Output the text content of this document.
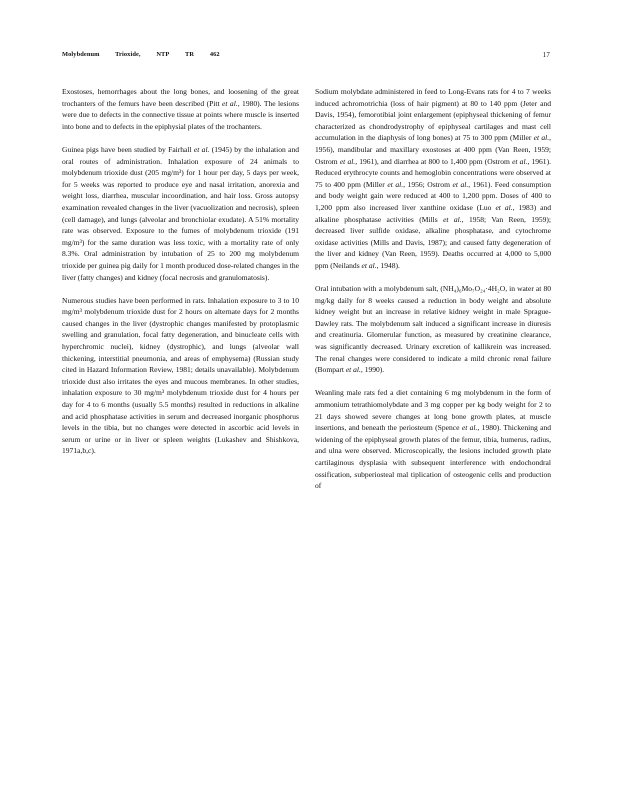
Molybdenum Trioxide, NTP TR 462	17

Exostoses, hemorrhages about the long bones, and loosening of the great trochanters of the femurs have been described (Pitt et al., 1980). The lesions were due to defects in the connective tissue at points where muscle is inserted into bone and to defects in the epiphysial plates of the trochanters.

Guinea pigs have been studied by Fairhall et al. (1945) by the inhalation and oral routes of administration. Inhalation exposure of 24 animals to molybdenum trioxide dust (205 mg/m³) for 1 hour per day, 5 days per week, for 5 weeks was reported to produce eye and nasal irritation, anorexia and weight loss, diarrhea, muscular incoordination, and hair loss. Gross autopsy examination revealed changes in the liver (vacuolization and necrosis), spleen (cell damage), and lungs (alveolar and bronchiolar exudate). A 51% mortality rate was observed. Exposure to the fumes of molybdenum trioxide (191 mg/m³) for the same duration was less toxic, with a mortality rate of only 8.3%. Oral administration by intubation of 25 to 200 mg molybdenum trioxide per guinea pig daily for 1 month produced dose-related changes in the liver (fatty changes) and kidney (focal necrosis and granulomatosis).

Numerous studies have been performed in rats. Inhalation exposure to 3 to 10 mg/m³ molybdenum trioxide dust for 2 hours on alternate days for 2 months caused changes in the liver (dystrophic changes manifested by protoplasmic swelling and granulation, focal fatty degeneration, and binucleate cells with hyperchromic nuclei), kidney (dystrophic), and lungs (alveolar wall thickening, interstitial pneumonia, and areas of emphysema) (Russian study cited in Hazard Information Review, 1981; details unavailable). Molybdenum trioxide dust also irritates the eyes and mucous membranes. In other studies, inhalation exposure to 30 mg/m³ molybdenum trioxide dust for 4 hours per day for 4 to 6 months (usually 5.5 months) resulted in reductions in alkaline and acid phosphatase activities in serum and decreased inorganic phosphorus levels in the tibia, but no changes were detected in ascorbic acid levels in serum or urine or in liver or spleen weights (Lukashev and Shishkova, 1971a,b,c).

Sodium molybdate administered in feed to Long-Evans rats for 4 to 7 weeks induced achromotrichia (loss of hair pigment) at 80 to 140 ppm (Jeter and Davis, 1954), femorotibial joint enlargement (epiphyseal thickening of femur characterized as chondrodystrophy of epiphyseal cartilages and mast cell accumulation in the diaphysis of long bones) at 75 to 300 ppm (Miller et al., 1956), mandibular and maxillary exostoses at 400 ppm (Van Reen, 1959; Ostrom et al., 1961), and diarrhea at 800 to 1,400 ppm (Ostrom et al., 1961). Reduced erythrocyte counts and hemoglobin concentrations were observed at 75 to 400 ppm (Miller et al., 1956; Ostrom et al., 1961). Feed consumption and body weight gain were reduced at 400 to 1,200 ppm. Doses of 400 to 1,200 ppm also increased liver xanthine oxidase (Luo et al., 1983) and alkaline phosphatase activities (Mills et al., 1958; Van Reen, 1959); decreased liver sulfide oxidase, alkaline phosphatase, and cytochrome oxidase activities (Mills and Davis, 1987); and caused fatty degeneration of the liver and kidney (Van Reen, 1959). Deaths occurred at 4,000 to 5,000 ppm (Neilands et al., 1948).

Oral intubation with a molybdenum salt, (NH₄)₆Mo₇O₂₄·4H₂O, in water at 80 mg/kg daily for 8 weeks caused a reduction in body weight and absolute kidney weight but an increase in relative kidney weight in male Sprague-Dawley rats. The molybdenum salt induced a significant increase in diuresis and creatinuria. Glomerular function, as measured by creatinine clearance, was significantly decreased. Urinary excretion of kallikrein was increased. The renal changes were considered to indicate a mild chronic renal failure (Bompart et al., 1990).

Weanling male rats fed a diet containing 6 mg molybdenum in the form of ammonium tetrathiomolybdate and 3 mg copper per kg body weight for 2 to 21 days showed severe changes at long bone growth plates, at muscle insertions, and beneath the periosteum (Spence et al., 1980). Thickening and widening of the epiphyseal growth plates of the femur, tibia, humerus, radius, and ulna were observed. Microscopically, the lesions included growth plate cartilaginous dysplasia with subsequent interference with endochondral ossification, subperiosteal mal tiplication of osteogenic cells and production of
